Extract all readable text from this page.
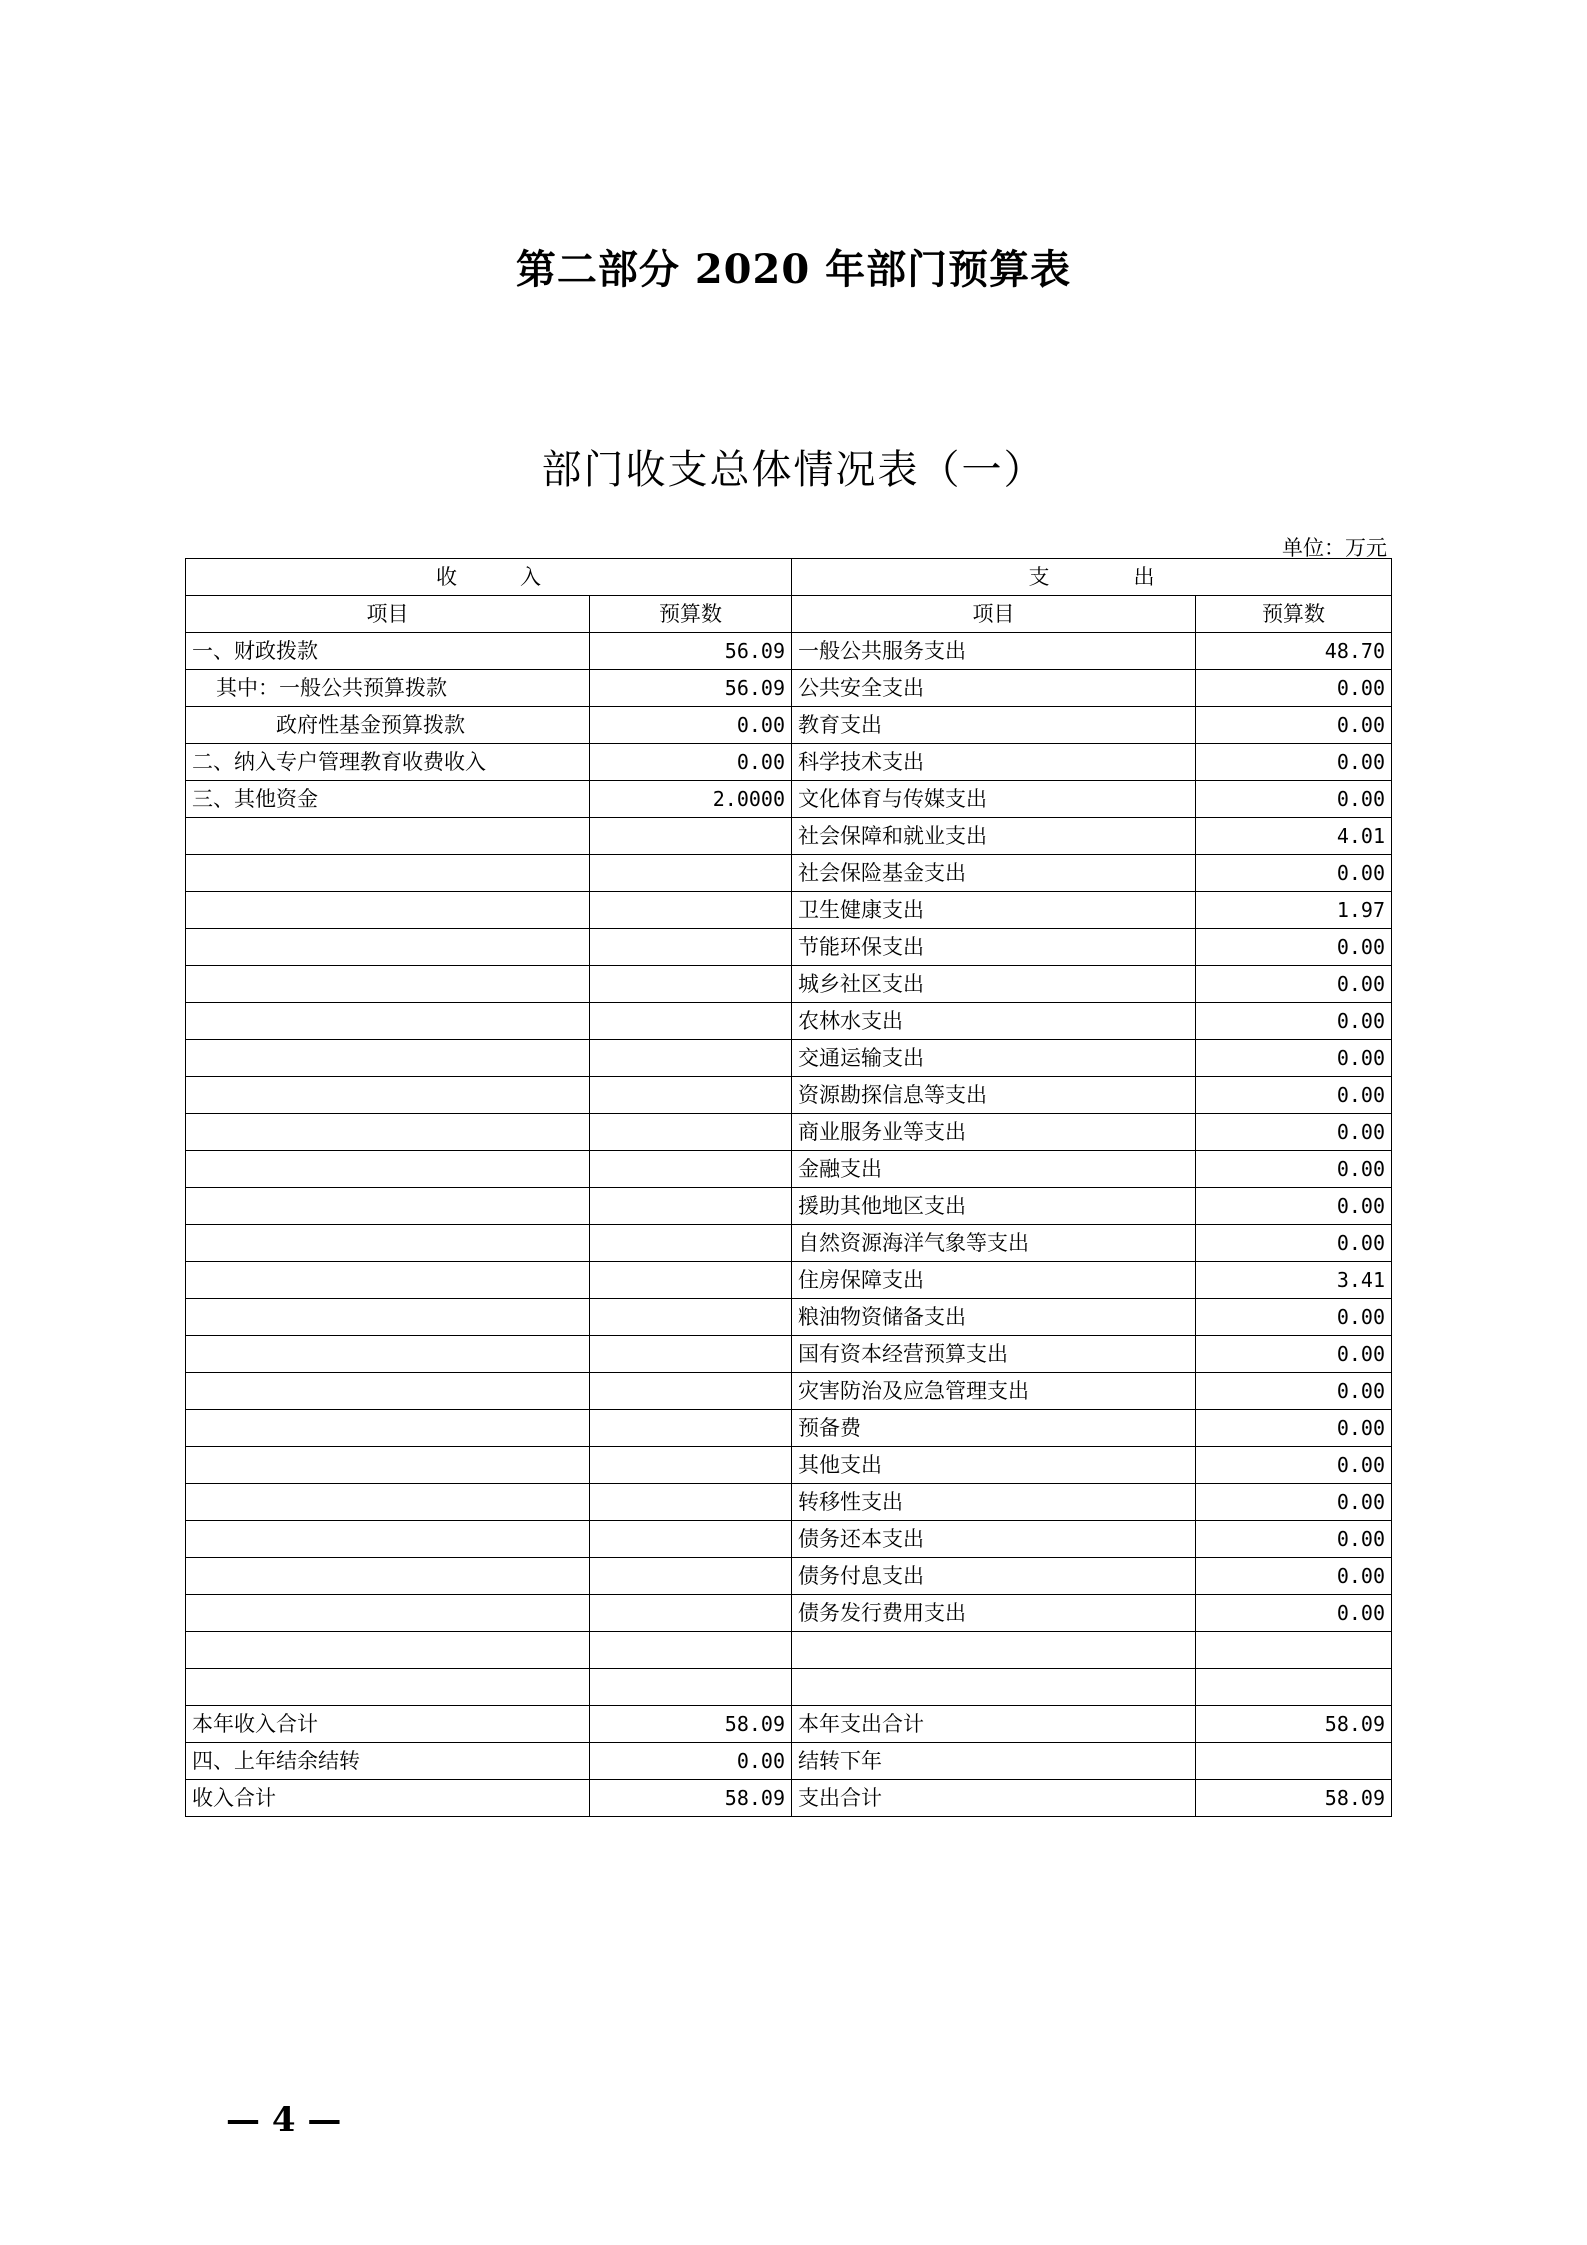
第二部分 2020 年部门预算表
部门收支总体情况表（一）
单位：万元
收　　　入		支　　　　出	
项目	预算数	项目	预算数
一、财政拨款	56.09	一般公共服务支出	48.70
其中：一般公共预算拨款	56.09	公共安全支出	0.00
政府性基金预算拨款	0.00	教育支出	0.00
二、纳入专户管理教育收费收入	0.00	科学技术支出	0.00
三、其他资金	2.0000	文化体育与传媒支出	0.00
		社会保障和就业支出	4.01
		社会保险基金支出	0.00
		卫生健康支出	1.97
		节能环保支出	0.00
		城乡社区支出	0.00
		农林水支出	0.00
		交通运输支出	0.00
		资源勘探信息等支出	0.00
		商业服务业等支出	0.00
		金融支出	0.00
		援助其他地区支出	0.00
		自然资源海洋气象等支出	0.00
		住房保障支出	3.41
		粮油物资储备支出	0.00
		国有资本经营预算支出	0.00
		灾害防治及应急管理支出	0.00
		预备费	0.00
		其他支出	0.00
		转移性支出	0.00
		债务还本支出	0.00
		债务付息支出	0.00
		债务发行费用支出	0.00

本年收入合计	58.09	本年支出合计	58.09
四、上年结余结转	0.00	结转下年	
收入合计	58.09	支出合计	58.09
— 4 —
